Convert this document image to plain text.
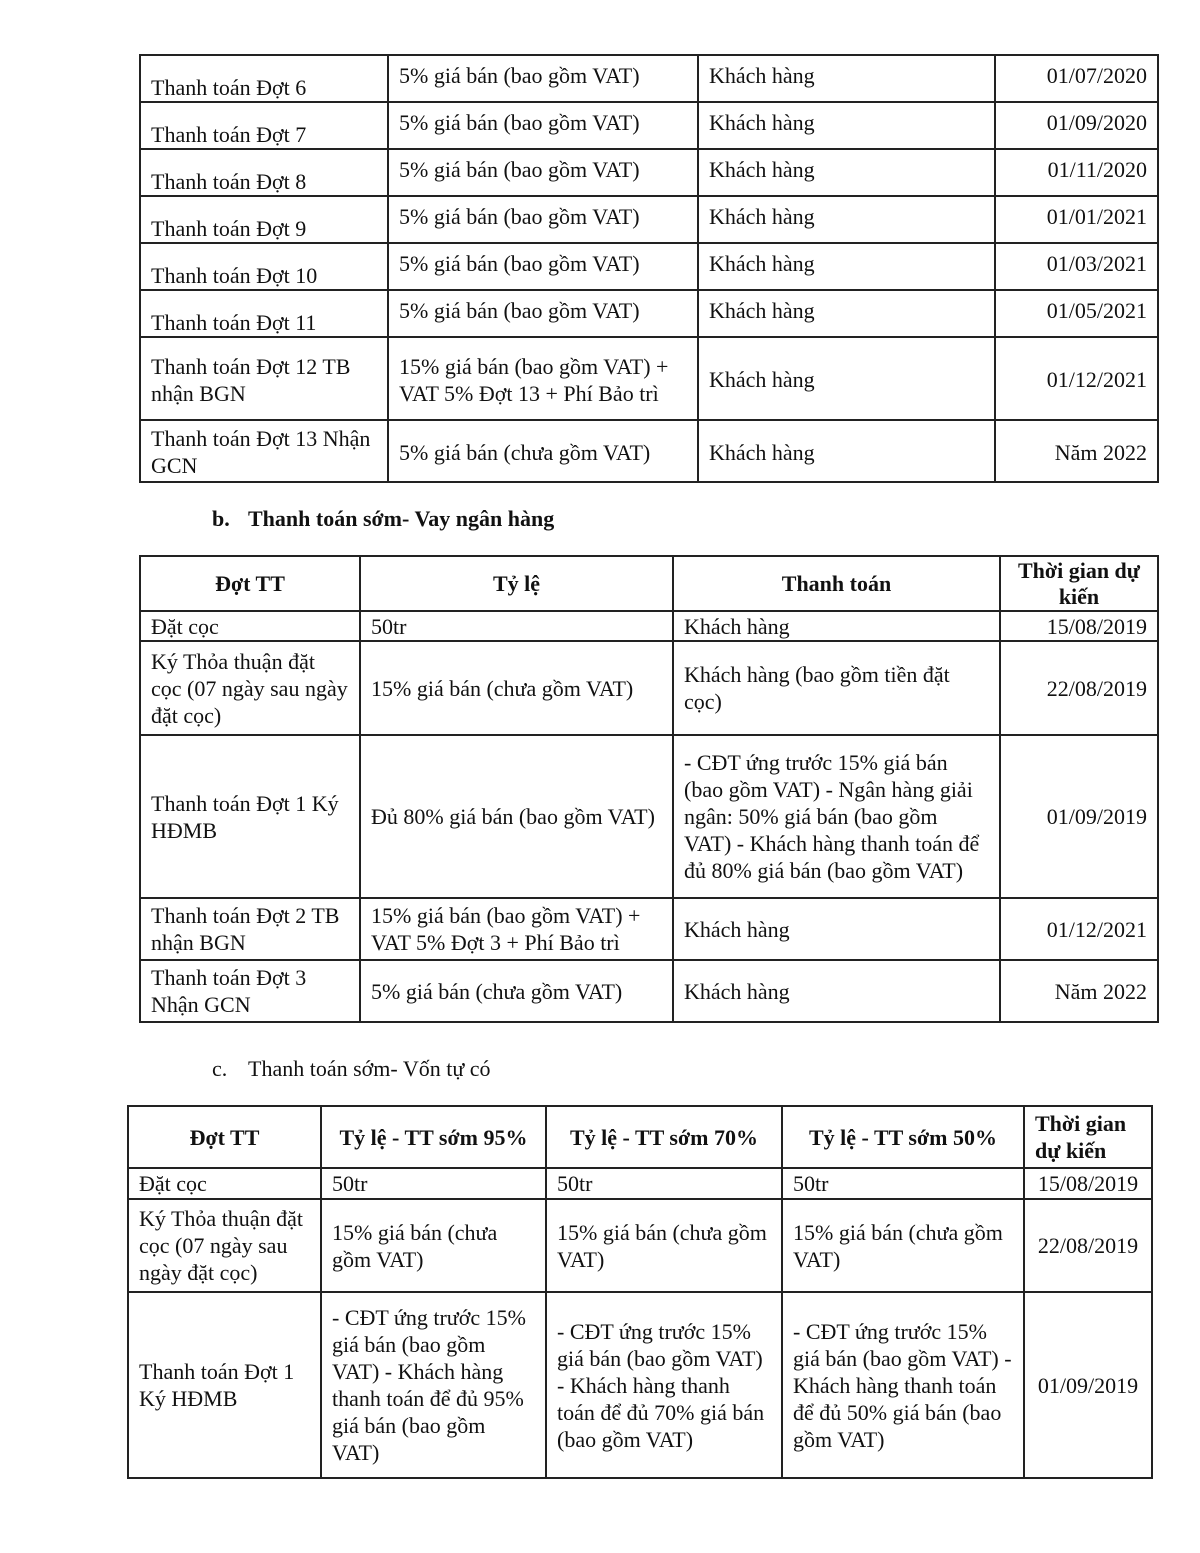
Thanh toán Đợt 6	5% giá bán (bao gồm VAT)	Khách hàng	01/07/2020
Thanh toán Đợt 7	5% giá bán (bao gồm VAT)	Khách hàng	01/09/2020
Thanh toán Đợt 8	5% giá bán (bao gồm VAT)	Khách hàng	01/11/2020
Thanh toán Đợt 9	5% giá bán (bao gồm VAT)	Khách hàng	01/01/2021
Thanh toán Đợt 10	5% giá bán (bao gồm VAT)	Khách hàng	01/03/2021
Thanh toán Đợt 11	5% giá bán (bao gồm VAT)	Khách hàng	01/05/2021
Thanh toán Đợt 12 TB nhận BGN	15% giá bán (bao gồm VAT) + VAT 5% Đợt 13 + Phí Bảo trì	Khách hàng	01/12/2021
Thanh toán Đợt 13 Nhận GCN	5% giá bán (chưa gồm VAT)	Khách hàng	Năm 2022
b. Thanh toán sớm- Vay ngân hàng
Đợt TT	Tỷ lệ	Thanh toán	Thời gian dự kiến
Đặt cọc	50tr	Khách hàng	15/08/2019
Ký Thỏa thuận đặt cọc (07 ngày sau ngày đặt cọc)	15% giá bán (chưa gồm VAT)	Khách hàng (bao gồm tiền đặt cọc)	22/08/2019
Thanh toán Đợt 1 Ký HĐMB	Đủ 80% giá bán (bao gồm VAT)	- CĐT ứng trước 15% giá bán (bao gồm VAT) - Ngân hàng giải ngân: 50% giá bán (bao gồm VAT) - Khách hàng thanh toán để đủ 80% giá bán (bao gồm VAT)	01/09/2019
Thanh toán Đợt 2 TB nhận BGN	15% giá bán (bao gồm VAT) + VAT 5% Đợt 3 + Phí Bảo trì	Khách hàng	01/12/2021
Thanh toán Đợt 3 Nhận GCN	5% giá bán (chưa gồm VAT)	Khách hàng	Năm 2022
c. Thanh toán sớm- Vốn tự có
Đợt TT	Tỷ lệ - TT sớm 95%	Tỷ lệ - TT sớm 70%	Tỷ lệ - TT sớm 50%	Thời gian dự kiến
Đặt cọc	50tr	50tr	50tr	15/08/2019
Ký Thỏa thuận đặt cọc (07 ngày sau ngày đặt cọc)	15% giá bán (chưa gồm VAT)	15% giá bán (chưa gồm VAT)	15% giá bán (chưa gồm VAT)	22/08/2019
Thanh toán Đợt 1 Ký HĐMB	- CĐT ứng trước 15% giá bán (bao gồm VAT) - Khách hàng thanh toán để đủ 95% giá bán (bao gồm VAT)	- CĐT ứng trước 15% giá bán (bao gồm VAT) - Khách hàng thanh toán để đủ 70% giá bán (bao gồm VAT)	- CĐT ứng trước 15% giá bán (bao gồm VAT) - Khách hàng thanh toán để đủ 50% giá bán (bao gồm VAT)	01/09/2019
